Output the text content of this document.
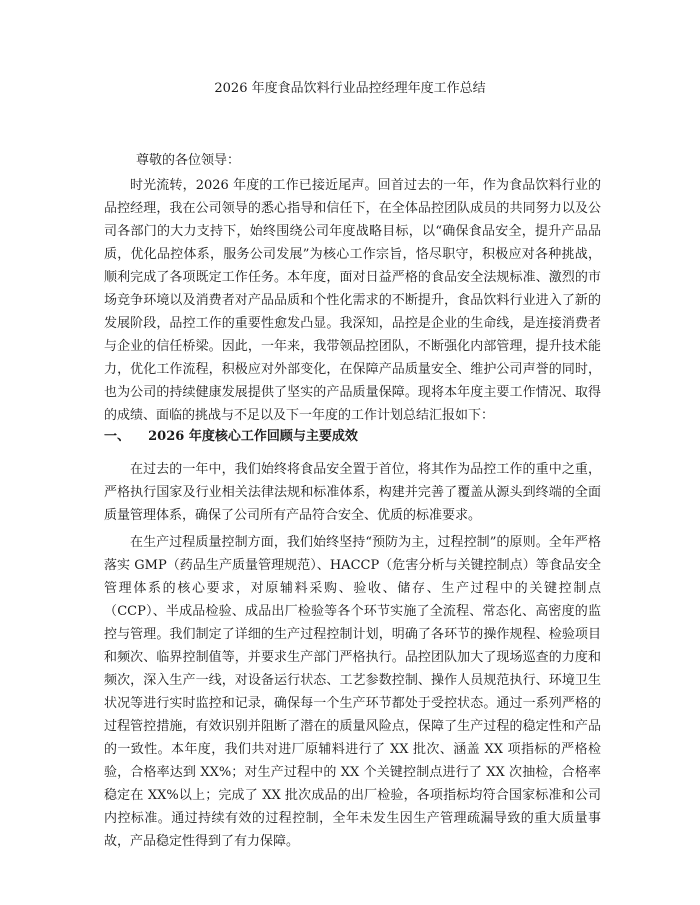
2026 年度食品饮料行业品控经理年度工作总结
尊敬的各位领导：

时光流转，2026 年度的工作已接近尾声。回首过去的一年，作为食品饮料行业的品控经理，我在公司领导的悉心指导和信任下，在全体品控团队成员的共同努力以及公司各部门的大力支持下，始终围绕公司年度战略目标，以“确保食品安全，提升产品品质，优化品控体系，服务公司发展”为核心工作宗旨，恪尽职守，积极应对各种挑战，顺利完成了各项既定工作任务。本年度，面对日益严格的食品安全法规标准、激烈的市场竞争环境以及消费者对产品品质和个性化需求的不断提升，食品饮料行业进入了新的发展阶段，品控工作的重要性愈发凸显。我深知，品控是企业的生命线，是连接消费者与企业的信任桥梁。因此，一年来，我带领品控团队，不断强化内部管理，提升技术能力，优化工作流程，积极应对外部变化，在保障产品质量安全、维护公司声誉的同时，也为公司的持续健康发展提供了坚实的产品质量保障。现将本年度主要工作情况、取得的成绩、面临的挑战与不足以及下一年度的工作计划总结汇报如下：

一、 2026 年度核心工作回顾与主要成效

在过去的一年中，我们始终将食品安全置于首位，将其作为品控工作的重中之重，严格执行国家及行业相关法律法规和标准体系，构建并完善了覆盖从源头到终端的全面质量管理体系，确保了公司所有产品符合安全、优质的标准要求。

在生产过程质量控制方面，我们始终坚持“预防为主，过程控制”的原则。全年严格落实 GMP（药品生产质量管理规范）、HACCP（危害分析与关键控制点）等食品安全管理体系的核心要求，对原辅料采购、验收、储存、生产过程中的关键控制点（CCP）、半成品检验、成品出厂检验等各个环节实施了全流程、常态化、高密度的监控与管理。我们制定了详细的生产过程控制计划，明确了各环节的操作规程、检验项目和频次、临界控制值等，并要求生产部门严格执行。品控团队加大了现场巡查的力度和频次，深入生产一线，对设备运行状态、工艺参数控制、操作人员规范执行、环境卫生状况等进行实时监控和记录，确保每一个生产环节都处于受控状态。通过一系列严格的过程管控措施，有效识别并阻断了潜在的质量风险点，保障了生产过程的稳定性和产品的一致性。本年度，我们共对进厂原辅料进行了 XX 批次、涵盖 XX 项指标的严格检验，合格率达到 XX%；对生产过程中的 XX 个关键控制点进行了 XX 次抽检，合格率稳定在 XX%以上；完成了 XX 批次成品的出厂检验，各项指标均符合国家标准和公司内控标准。通过持续有效的过程控制，全年未发生因生产管理疏漏导致的重大质量事故，产品稳定性得到了有力保障。
